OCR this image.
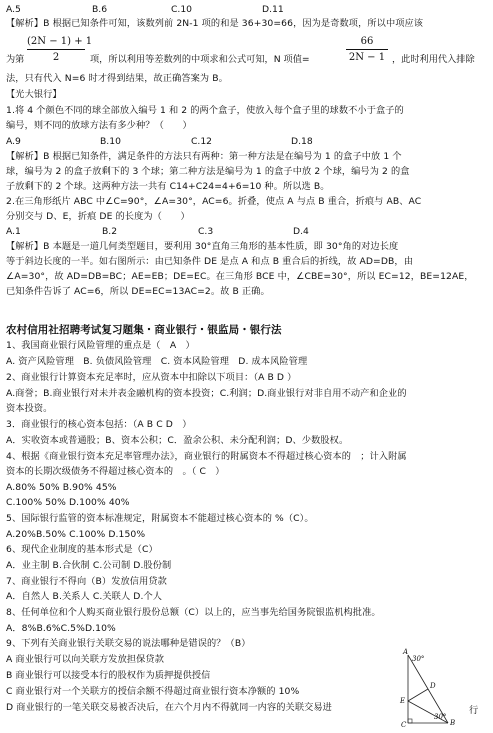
A.5	B.6	C.10	D.11
【解析】B 根据已知条件可知，该数列前 2N-1 项的和是 36+30=66，因为是奇数项，所以中项应该
(2N − 1) + 1
2
为第	项，所以利用等差数列的中项求和公式可知，N 项值=
66
2N − 1 ，此时利用代入排除
法，只有代入 N=6 时才得到结果，故正确答案为 B。
【光大银行】
1.将 4 个颜色不同的球全部放入编号 1 和 2 的两个盒子，使放入每个盒子里的球数不小于盒子的
编号，则不同的放球方法有多少种？（　　）
A.9	B.10	C.12	D.18
【解析】B 根据已知条件，满足条件的方法只有两种：第一种方法是在编号为 1 的盒子中放 1 个
球，编号为 2 的盒子放剩下的 3 个球；第二种方法是编号为 1 的盒子中放 2 个球，编号为 2 的盒
子放剩下的 2 个球。这两种方法一共有 C14+C24=4+6=10 种。所以选 B。
2.在三角形纸片 ABC 中∠C=90°，∠A=30°，AC=6。折叠，使点 A 与点 B 重合，折痕与 AB、AC
分别交与 D、E，折痕 DE 的长度为（　　）
A.1	B.2	C.3	D.4
【解析】B 本题是一道几何类型题目，要利用 30°直角三角形的基本性质，即 30°角的对边长度
等于斜边长度的一半。如右图所示：由已知条件 DE 是点 A 和点 B 重合后的折线，故 AD=DB，由
∠A=30°，故 AD=DB=BC；AE=EB；DE=EC。在三角形 BCE 中，∠CBE=30°，所以 EC=12，BE=12AE，
已知条件告诉了 AC=6，所以 DE=EC=13AC=2。故 B 正确。
农村信用社招聘考试复习题集・商业银行・银监局・银行法
1、我国商业银行风险管理的重点是（　A　）
A. 资产风险管理　B. 负债风险管理　C. 资本风险管理　D. 成本风险管理
2、商业银行计算资本充足率时，应从资本中扣除以下项目：（A B D ）
A.商誉；B.商业银行对未并表金融机构的资本投资；C.利润；D.商业银行对非自用不动产和企业的
资本投资。
3．商业银行的核心资本包括：（A B C D　）
A．实收资本或普通股；B、资本公积；C．盈余公积、未分配利润；D、少数股权。
4、根据《商业银行资本充足率管理办法》，商业银行的附属资本不得超过核心资本的　；计入附属
资本的长期次级债务不得超过核心资本的　。（ C　）
A.80% 50% B.90% 45%
C.100% 50% D.100% 40%
5、国际银行监管的资本标准规定，附属资本不能超过核心资本的 %（C）。
A.20%B.50% C.100% D.150%
6、现代企业制度的基本形式是（C）
A．业主制 B.合伙制 C.公司制 D.股份制
7、商业银行不得向（B）发放信用贷款
A．自然人 B.关系人 C.关联人 D.个人
8、任何单位和个人购买商业银行股份总额（C）以上的，应当事先给国务院银监机构批准。
A．8%B.6%C.5%D.10%
9、下列有关商业银行关联交易的说法哪种是错误的？（B）
A 商业银行可以向关联方发放担保贷款
B 商业银行可以接受本行的股权作为质押提供授信
C 商业银行对一个关联方的授信余额不得超过商业银行资本净额的 10%
D 商业银行的一笔关联交易被否决后，在六个月内不得就同一内容的关联交易进	行
A
30°
D
E
30°
B
C
